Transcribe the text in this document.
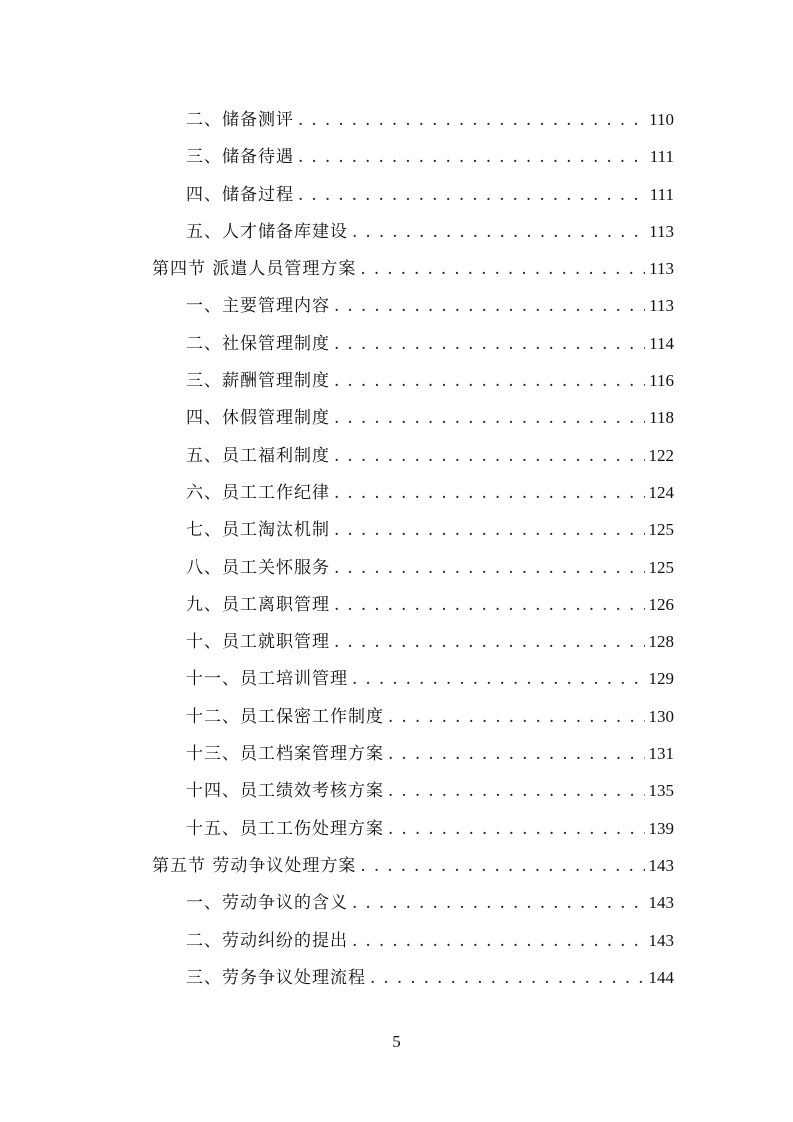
二、储备测评 . . .	110
三、储备待遇 . . .	111
四、储备过程 . . .	111
五、人才储备库建设 . . .	113
第四节 派遣人员管理方案 . . .	113
一、主要管理内容 . . .	113
二、社保管理制度 . . .	114
三、薪酬管理制度 . . .	116
四、休假管理制度 . . .	118
五、员工福利制度 . . .	122
六、员工工作纪律 . . .	124
七、员工淘汰机制 . . .	125
八、员工关怀服务 . . .	125
九、员工离职管理 . . .	126
十、员工就职管理 . . .	128
十一、员工培训管理 . . .	129
十二、员工保密工作制度 . . .	130
十三、员工档案管理方案 . . .	131
十四、员工绩效考核方案 . . .	135
十五、员工工伤处理方案 . . .	139
第五节 劳动争议处理方案 . . .	143
一、劳动争议的含义 . . .	143
二、劳动纠纷的提出 . . .	143
三、劳务争议处理流程 . . .	144
5
